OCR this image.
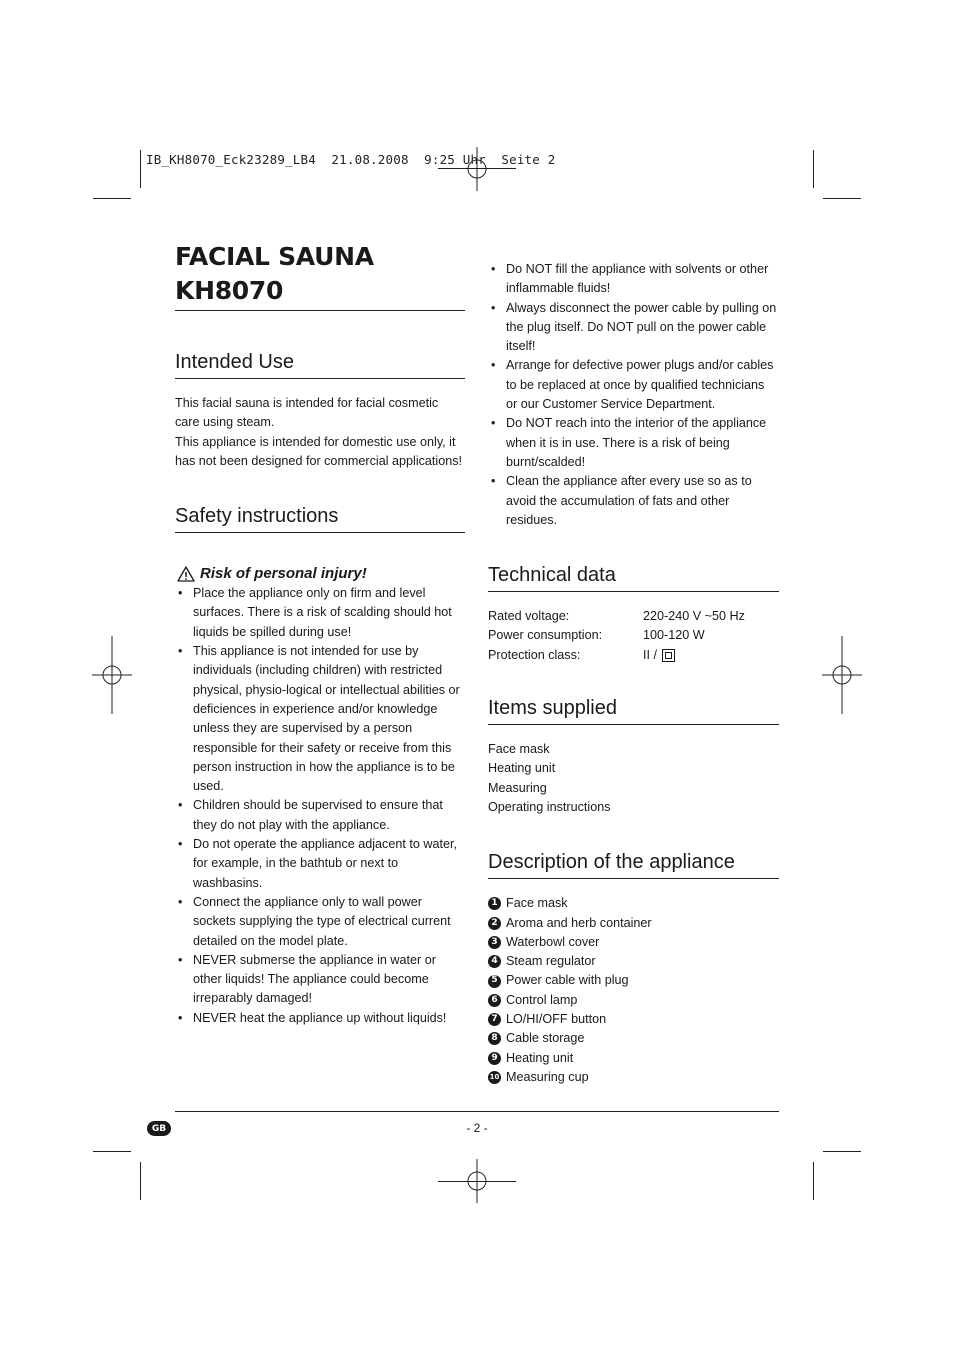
IB_KH8070_Eck23289_LB4  21.08.2008  9:25 Uhr  Seite 2
FACIAL SAUNA KH8070
Intended Use

This facial sauna is intended for facial cosmetic care using steam.

This appliance is intended for domestic use only, it has not been designed for commercial applications!

Safety instructions
Risk of personal injury!
• Place the appliance only on firm and level surfaces. There is a risk of scalding should hot liquids be spilled during use!
• This appliance is not intended for use by individuals (including children) with restricted physical, physio-logical or intellectual abilities or deficiences in experience and/or knowledge unless they are supervised by a person responsible for their safety or receive from this person instruction in how the appliance is to be used.
• Children should be supervised to ensure that they do not play with the appliance.
• Do not operate the appliance adjacent to water, for example, in the bathtub or next to washbasins.
• Connect the appliance only to wall power sockets supplying the type of electrical current detailed on the model plate.
• NEVER submerse the appliance in water or other liquids! The appliance could become irreparably damaged!
• NEVER heat the appliance up without liquids!
• Do NOT fill the appliance with solvents or other inflammable fluids!
• Always disconnect the power cable by pulling on the plug itself. Do NOT pull on the power cable itself!
• Arrange for defective power plugs and/or cables to be replaced at once by qualified technicians or our Customer Service Department.
• Do NOT reach into the interior of the appliance when it is in use. There is a risk of being burnt/scalded!
• Clean the appliance after every use so as to avoid the accumulation of fats and other residues.
Technical data
Rated voltage:	220-240 V ~50 Hz
Power consumption:	100-120 W
Protection class:	II /
Items supplied
Face mask
Heating unit
Measuring
Operating instructions
Description of the appliance
1 Face mask
2 Aroma and herb container
3 Waterbowl cover
4 Steam regulator
5 Power cable with plug
6 Control lamp
7 LO/HI/OFF button
8 Cable storage
9 Heating unit
10 Measuring cup
GB	- 2 -
